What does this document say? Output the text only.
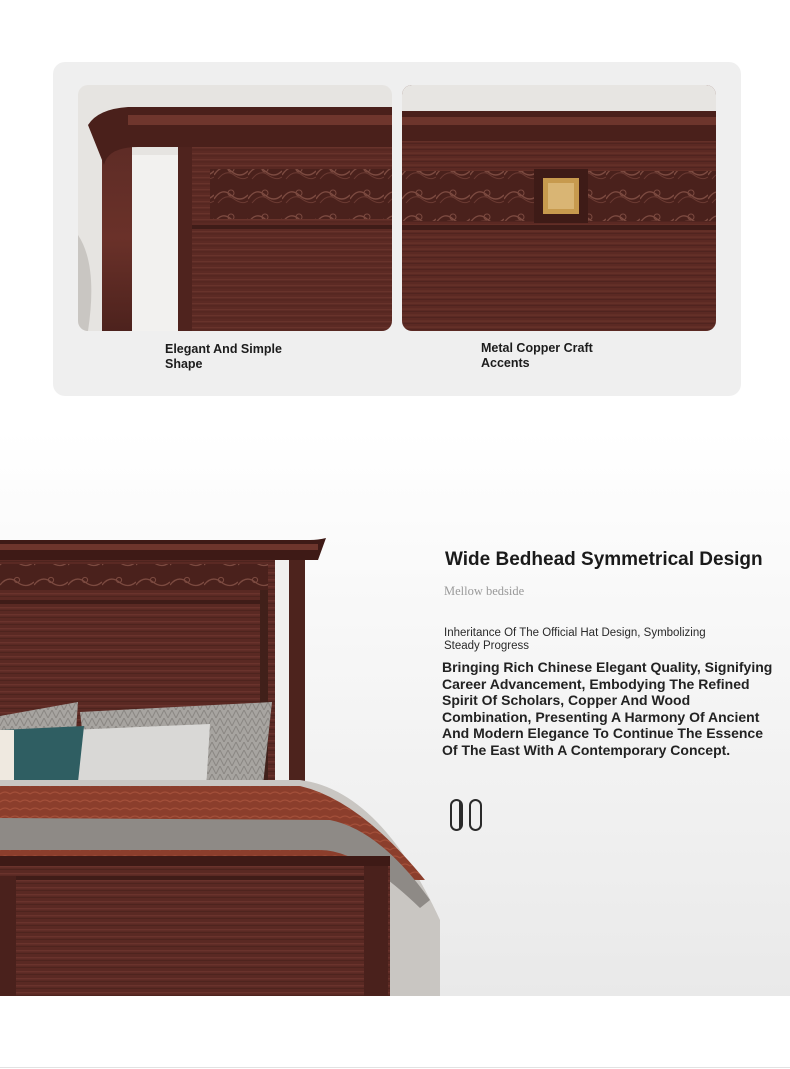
Elegant And Simple Shape
Metal Copper Craft Accents
Wide Bedhead Symmetrical Design
Mellow bedside
Inheritance Of The Official Hat Design, Symbolizing Steady Progress
Bringing Rich Chinese Elegant Quality, Signifying Career Advancement, Embodying The Refined Spirit Of Scholars, Copper And Wood Combination, Presenting A Harmony Of Ancient And Modern Elegance To Continue The Essence Of The East With A Contemporary Concept.
